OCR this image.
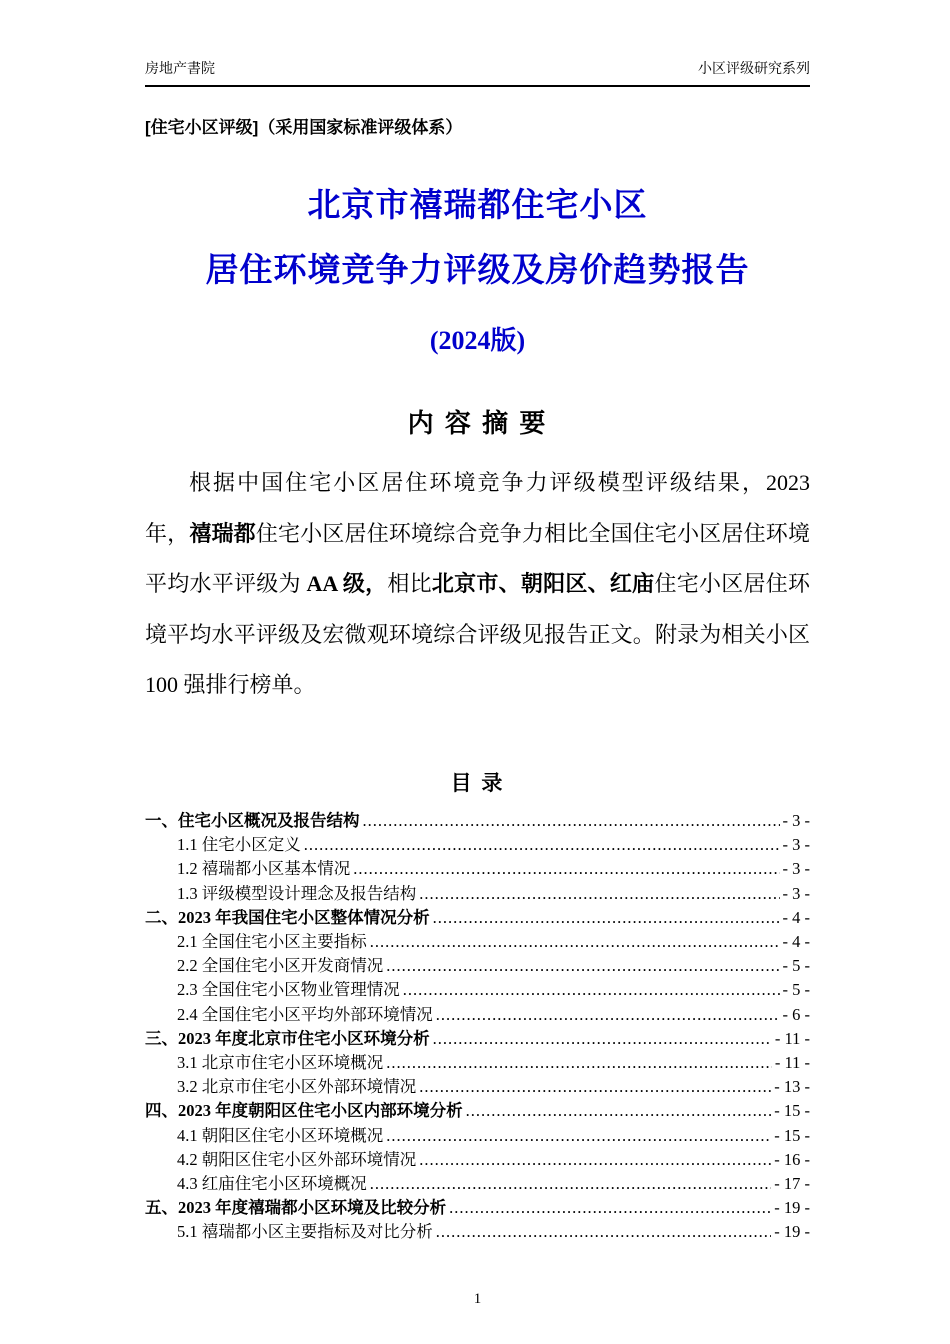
房地产書院	小区评级研究系列
[住宅小区评级]（采用国家标准评级体系）
北京市禧瑞都住宅小区
居住环境竞争力评级及房价趋势报告
(2024版)
内 容 摘 要

根据中国住宅小区居住环境竞争力评级模型评级结果，2023 年，禧瑞都住宅小区居住环境综合竞争力相比全国住宅小区居住环境平均水平评级为 AA 级，相比北京市、朝阳区、红庙住宅小区居住环境平均水平评级及宏微观环境综合评级见报告正文。附录为相关小区 100 强排行榜单。

目 录
一、住宅小区概况及报告结构 .....	- 3 -
1.1 住宅小区定义 .....	- 3 -
1.2 禧瑞都小区基本情况 .....	- 3 -
1.3 评级模型设计理念及报告结构 .....	- 3 -
二、2023 年我国住宅小区整体情况分析 .....	- 4 -
2.1 全国住宅小区主要指标 .....	- 4 -
2.2 全国住宅小区开发商情况 .....	- 5 -
2.3 全国住宅小区物业管理情况 .....	- 5 -
2.4 全国住宅小区平均外部环境情况 .....	- 6 -
三、2023 年度北京市住宅小区环境分析 .....	- 11 -
3.1 北京市住宅小区环境概况 .....	- 11 -
3.2 北京市住宅小区外部环境情况 .....	- 13 -
四、2023 年度朝阳区住宅小区内部环境分析 .....	- 15 -
4.1 朝阳区住宅小区环境概况 .....	- 15 -
4.2 朝阳区住宅小区外部环境情况 .....	- 16 -
4.3 红庙住宅小区环境概况 .....	- 17 -
五、2023 年度禧瑞都小区环境及比较分析 .....	- 19 -
5.1 禧瑞都小区主要指标及对比分析 .....	- 19 -
1
